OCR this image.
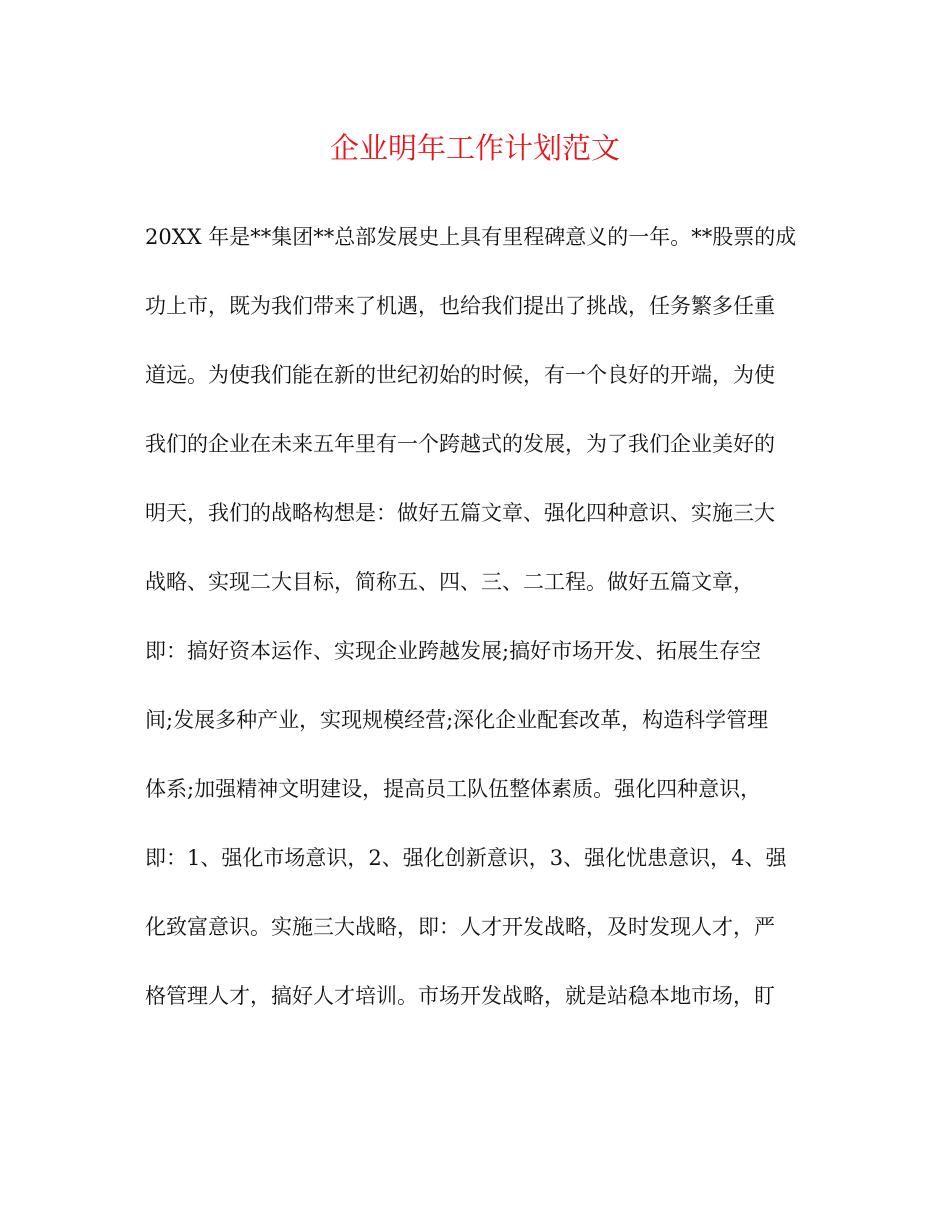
企业明年工作计划范文
20XX 年是**集团**总部发展史上具有里程碑意义的一年。**股票的成
功上市，既为我们带来了机遇，也给我们提出了挑战，任务繁多任重
道远。为使我们能在新的世纪初始的时候，有一个良好的开端，为使
我们的企业在未来五年里有一个跨越式的发展，为了我们企业美好的
明天，我们的战略构想是：做好五篇文章、强化四种意识、实施三大
战略、实现二大目标，简称五、四、三、二工程。做好五篇文章，
即：搞好资本运作、实现企业跨越发展;搞好市场开发、拓展生存空
间;发展多种产业，实现规模经营;深化企业配套改革，构造科学管理
体系;加强精神文明建设，提高员工队伍整体素质。强化四种意识，
即：1、强化市场意识，2、强化创新意识，3、强化忧患意识，4、强
化致富意识。实施三大战略，即：人才开发战略，及时发现人才，严
格管理人才，搞好人才培训。市场开发战略，就是站稳本地市场，盯
